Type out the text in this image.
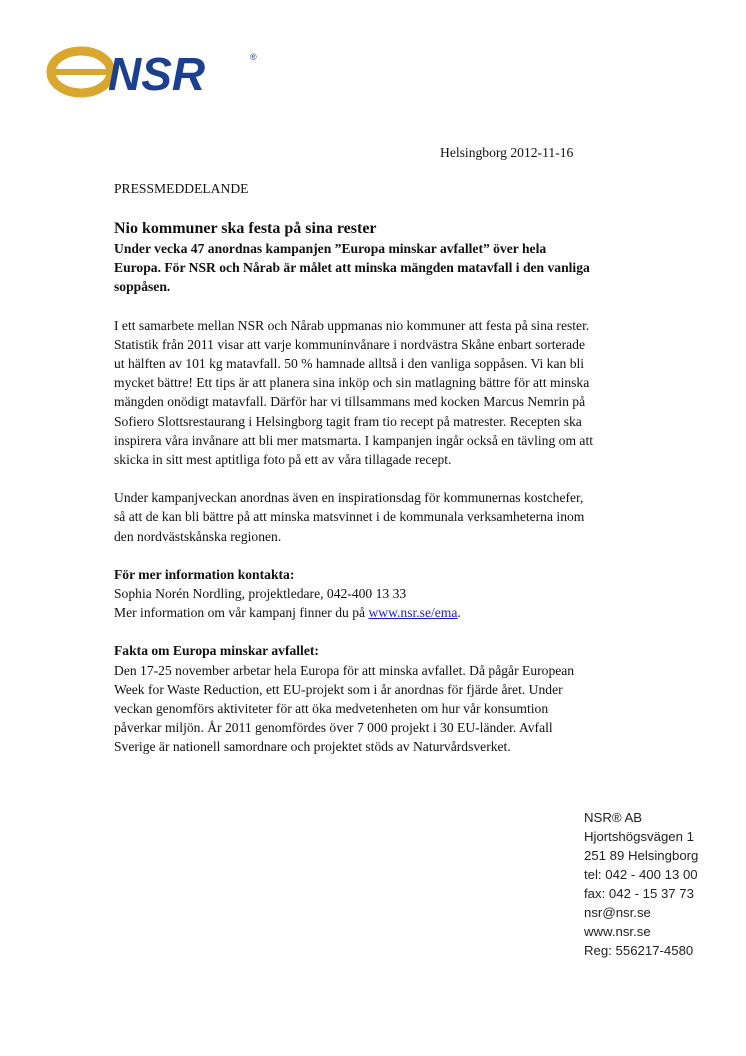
NSR	®
Helsingborg 2012-11-16
PRESSMEDDELANDE
Nio kommuner ska festa på sina rester

Under vecka 47 anordnas kampanjen ”Europa minskar avfallet” över hela Europa. För NSR och Nårab är målet att minska mängden matavfall i den vanliga soppåsen.

I ett samarbete mellan NSR och Nårab uppmanas nio kommuner att festa på sina rester. Statistik från 2011 visar att varje kommuninvånare i nordvästra Skåne enbart sorterade ut hälften av 101 kg matavfall. 50 % hamnade alltså i den vanliga soppåsen. Vi kan bli mycket bättre! Ett tips är att planera sina inköp och sin matlagning bättre för att minska mängden onödigt matavfall. Därför har vi tillsammans med kocken Marcus Nemrin på Sofiero Slottsrestaurang i Helsingborg tagit fram tio recept på matrester. Recepten ska inspirera våra invånare att bli mer matsmarta. I kampanjen ingår också en tävling om att skicka in sitt mest aptitliga foto på ett av våra tillagade recept.

Under kampanjveckan anordnas även en inspirationsdag för kommunernas kostchefer, så att de kan bli bättre på att minska matsvinnet i de kommunala verksamheterna inom den nordvästskånska regionen.

För mer information kontakta:
Sophia Norén Nordling, projektledare, 042-400 13 33
Mer information om vår kampanj finner du på www.nsr.se/ema.
Fakta om Europa minskar avfallet:
Den 17-25 november arbetar hela Europa för att minska avfallet. Då pågår European Week for Waste Reduction, ett EU-projekt som i år anordnas för fjärde året. Under veckan genomförs aktiviteter för att öka medvetenheten om hur vår konsumtion påverkar miljön. År 2011 genomfördes över 7 000 projekt i 30 EU-länder. Avfall Sverige är nationell samordnare och projektet stöds av Naturvårdsverket.
NSR® AB
Hjortshögsvägen 1
251 89 Helsingborg
tel: 042 - 400 13 00
fax: 042 - 15 37 73
nsr@nsr.se
www.nsr.se
Reg: 556217-4580
